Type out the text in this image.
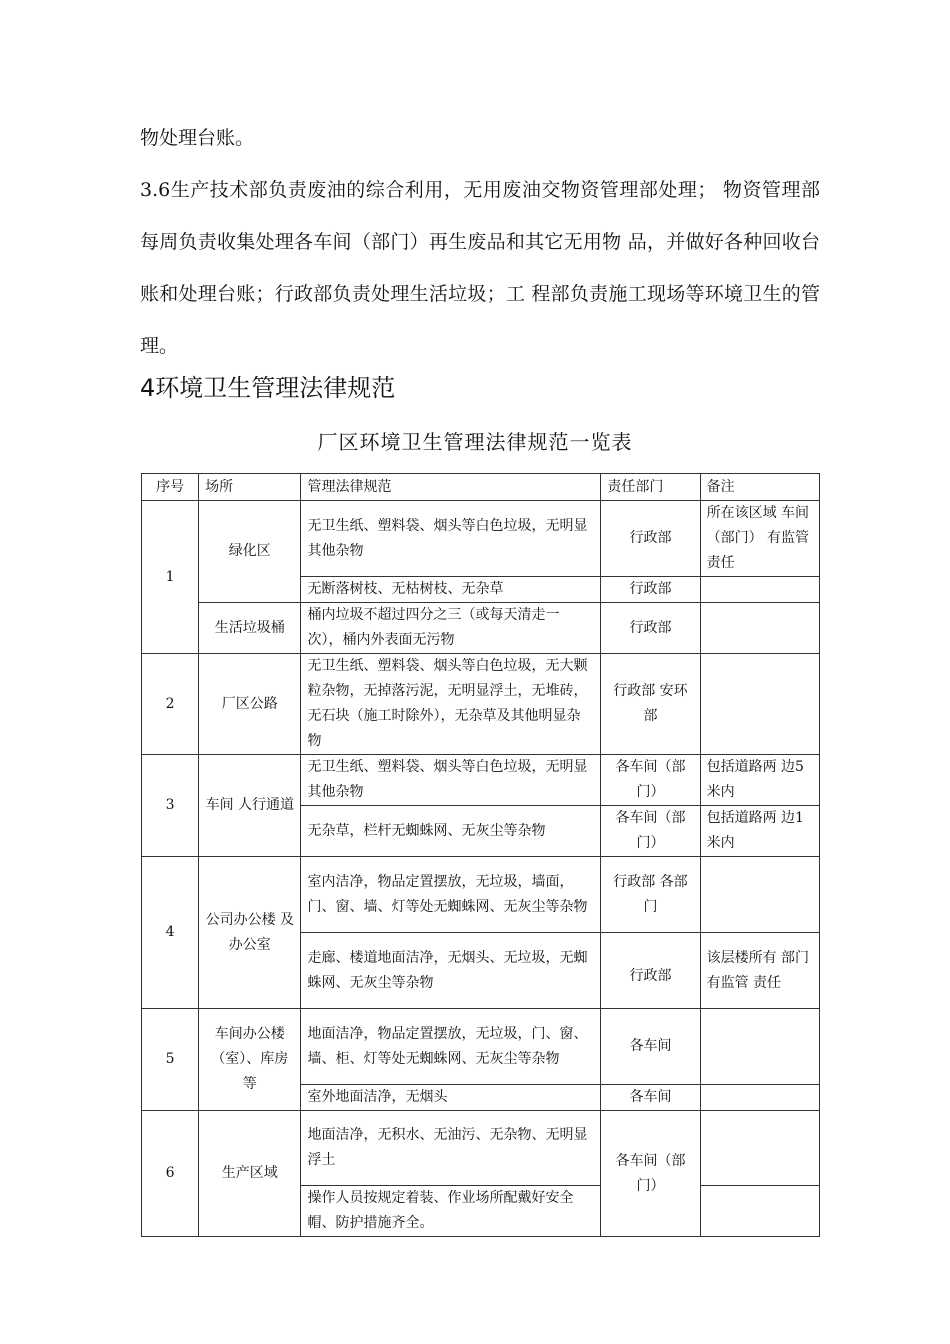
物处理台账。

3.6生产技术部负责废油的综合利用，无用废油交物资管理部处理； 物资管理部每周负责收集处理各车间（部门）再生废品和其它无用物 品，并做好各种回收台账和处理台账；行政部负责处理生活垃圾；工 程部负责施工现场等环境卫生的管理。

4环境卫生管理法律规范
厂区环境卫生管理法律规范一览表
序号	场所	管理法律规范	责任部门	备注
1	绿化区	无卫生纸、塑料袋、烟头等白色垃圾，无明显其他杂物	行政部	所在该区域 车间（部门） 有监管责任
		无断落树枝、无枯树枝、无杂草	行政部	
	生活垃圾桶	桶内垃圾不超过四分之三（或每天清走一次），桶内外表面无污物	行政部	
2	厂区公路	无卫生纸、塑料袋、烟头等白色垃圾，无大颗粒杂物，无掉落污泥，无明显浮土，无堆砖，无石块（施工时除外），无杂草及其他明显杂物	行政部 安环部	
3	车间 人行通道	无卫生纸、塑料袋、烟头等白色垃圾，无明显其他杂物	各车间（部门）	包括道路两 边5米内
		无杂草，栏杆无蜘蛛网、无灰尘等杂物	各车间（部门）	包括道路两 边1米内
4	公司办公楼 及办公室	室内洁净，物品定置摆放，无垃圾，墙面，门、窗、墙、灯等处无蜘蛛网、无灰尘等杂物	行政部 各部门	
		走廊、楼道地面洁净，无烟头、无垃圾，无蜘蛛网、无灰尘等杂物	行政部	该层楼所有 部门有监管 责任
5	车间办公楼（室）、库房等	地面洁净，物品定置摆放，无垃圾，门、窗、墙、柜、灯等处无蜘蛛网、无灰尘等杂物	各车间	
		室外地面洁净，无烟头	各车间	
6	生产区域	地面洁净，无积水、无油污、无杂物、无明显浮土	各车间（部门）	
		操作人员按规定着装、作业场所配戴好安全帽、防护措施齐全。		
